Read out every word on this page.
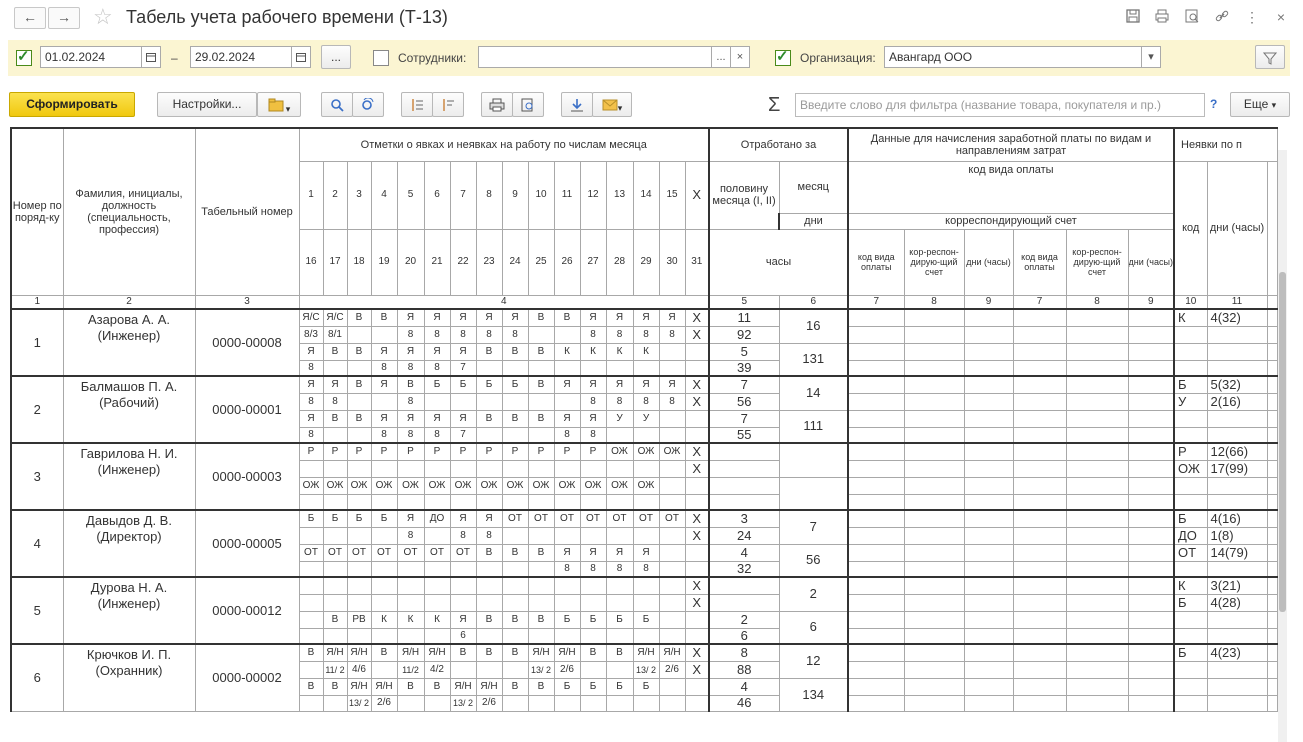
←	→	☆ Табель учета рабочего времени (Т-13)	⋮	×
✓
01.02.2024	–	29.02.2024	...	Сотрудники:	...	× ✓	Организация:	Авангард ООО	▾
Сформировать	Настройки...	▾	▾	Σ	Введите слово для фильтра (название товара, покупателя и пр.)	?	Еще ▾
Номер по поряд-ку	Фамилия, инициалы, должность (специальность, профессия)	Табельный номер	Отметки о явках и неявках на работу по числам месяца																Отработано за		Данные для начисления заработной платы по видам и направлениям затрат						Неявки по п		
			1	2	3	4	5	6	7	8	9	10	11	12	13	14	15	X	половину месяца (I, II)	месяц	код вида оплаты						код	дни (часы)	
																				дни	корреспондирующий счет								
			16	17	18	19	20	21	22	23	24	25	26	27	28	29	30	31	часы		код вида оплаты	кор-респон-дирую-щий счет	дни (часы)	код вида оплаты	кор-респон-дирую-щий счет	дни (часы)			
1	2	3	4																5	6	7	8	9	7	8	9	10	11	
1	Азарова А. А.
(Инженер)	0000-00008	Я/С	Я/С	В	В	Я	Я	Я	Я	Я	В	В	Я	Я	Я	Я	X	11	16							К	4(32)	
			8/3	8/1			8	8	8	8	8			8	8	8	8	X	92										
			Я	В	В	Я	Я	Я	Я	В	В	В	К	К	К	К			5	131									
			8			8	8	8	7										39										
2	Балмашов П. А.
(Рабочий)	0000-00001	Я	Я	В	Я	В	Б	Б	Б	Б	В	Я	Я	Я	Я	Я	X	7	14							Б	5(32)	
			8	8			8							8	8	8	8	X	56								У	2(16)	
			Я	В	В	Я	Я	Я	Я	В	В	В	Я	Я	У	У			7	111									
			8			8	8	8	7				8	8					55										
3	Гаврилова Н. И.
(Инженер)	0000-00003	Р	Р	Р	Р	Р	Р	Р	Р	Р	Р	Р	Р	ОЖ	ОЖ	ОЖ	X									Р	12(66)	
																		X									ОЖ	17(99)	
			ОЖ	ОЖ	ОЖ	ОЖ	ОЖ	ОЖ	ОЖ	ОЖ	ОЖ	ОЖ	ОЖ	ОЖ	ОЖ	ОЖ													

4	Давыдов Д. В.
(Директор)	0000-00005	Б	Б	Б	Б	Я	ДО	Я	Я	ОТ	ОТ	ОТ	ОТ	ОТ	ОТ	ОТ	X	3	7							Б	4(16)	
							8		8	8								X	24								ДО	1(8)	
			ОТ	ОТ	ОТ	ОТ	ОТ	ОТ	ОТ	В	В	В	Я	Я	Я	Я			4	56							ОТ	14(79)	
													8	8	8	8			32										
5	Дурова Н. А.
(Инженер)	0000-00012																X		2							К	3(21)	
																		X									Б	4(28)	
				В	РВ	К	К	К	Я	В	В	В	Б	Б	Б	Б			2	6									
									6										6										
6	Крючков И. П.
(Охранник)	0000-00002	В	Я/Н	Я/Н	В	Я/Н	Я/Н	В	В	В	Я/Н	Я/Н	В	В	Я/Н	Я/Н	X	8	12							Б	4(23)	
				11/ 2	4/6		11/2	4/2				13/ 2	2/6			13/ 2	2/6	X	88										
			В	В	Я/Н	Я/Н	В	В	Я/Н	Я/Н	В	В	Б	Б	Б	Б			4	134									
					13/ 2	2/6			13/ 2	2/6									46										
